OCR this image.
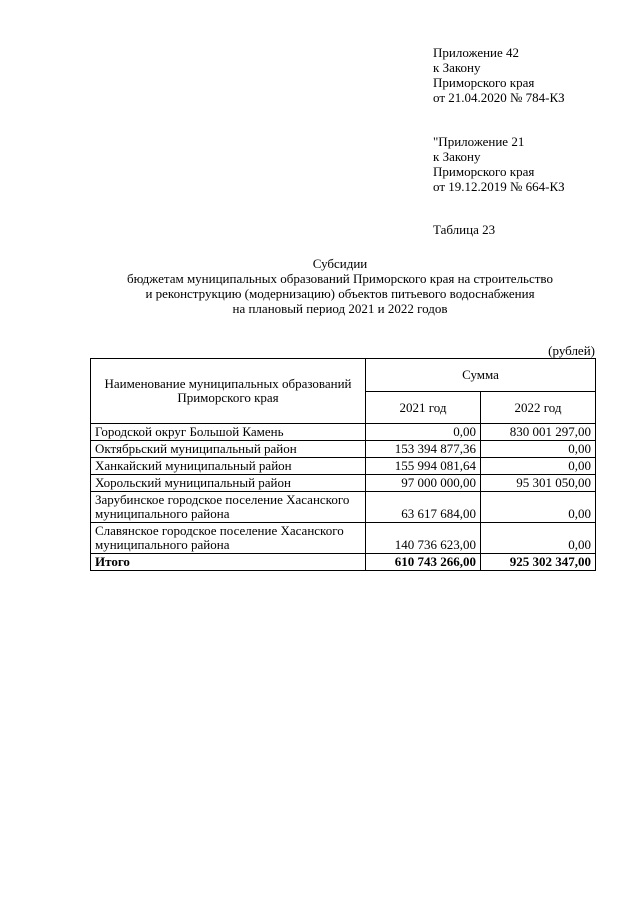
Приложение 42
к Закону
Приморского края
от 21.04.2020 № 784-КЗ
"Приложение 21
к Закону
Приморского края
от 19.12.2019 № 664-КЗ
Таблица 23
Субсидии
бюджетам муниципальных образований Приморского края на строительство
и реконструкцию (модернизацию) объектов питьевого водоснабжения
на плановый период 2021 и 2022 годов
(рублей)
Наименование муниципальных образований Приморского края	Сумма	
	2021 год	2022 год
Городской округ Большой Камень	0,00	830 001 297,00
Октябрьский муниципальный район	153 394 877,36	0,00
Ханкайский муниципальный район	155 994 081,64	0,00
Хорольский муниципальный район	97 000 000,00	95 301 050,00
Зарубинское городское поселение Хасанского муниципального района	63 617 684,00	0,00
Славянское городское поселение Хасанского муниципального района	140 736 623,00	0,00
Итого	610 743 266,00	925 302 347,00
